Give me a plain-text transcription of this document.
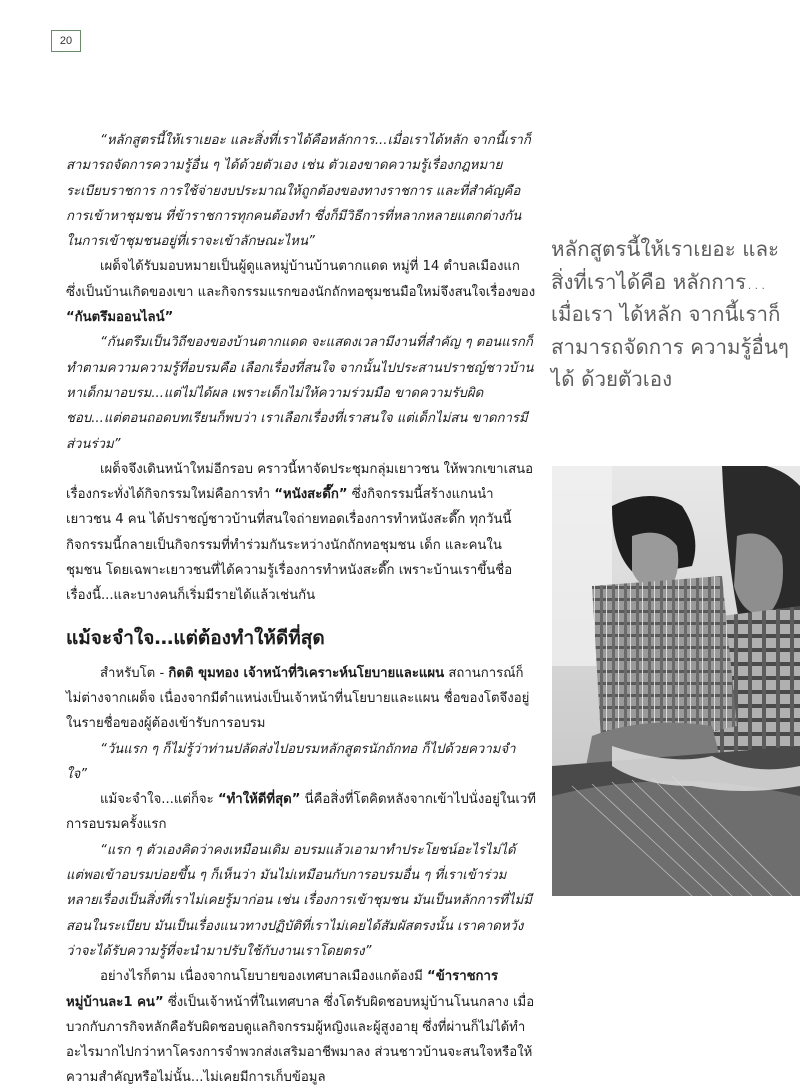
20
หลักสูตรนี้ให้เราเยอะ และสิ่งที่เราได้คือ หลักการ…เมื่อเรา ได้หลัก จากนี้เราก็ สามารถจัดการ ความรู้อื่นๆ ได้ ด้วยตัวเอง

“หลักสูตรนี้ให้เราเยอะ และสิ่งที่เราได้คือหลักการ...เมื่อเราได้หลัก จากนี้เราก็สามารถจัดการความรู้อื่น ๆ ได้ด้วยตัวเอง เช่น ตัวเองขาดความรู้เรื่องกฎหมายระเบียบราชการ การใช้จ่ายงบประมาณให้ถูกต้องของทางราชการ และที่สำคัญคือการเข้าหาชุมชน ที่ข้าราชการทุกคนต้องทำ ซึ่งก็มีวิธีการที่หลากหลายแตกต่างกันในการเข้าชุมชนอยู่ที่เราจะเข้าลักษณะไหน”

เผด็จได้รับมอบหมายเป็นผู้ดูแลหมู่บ้านบ้านตากแดด หมู่ที่ 14 ตำบลเมืองแก ซึ่งเป็นบ้านเกิดของเขา และกิจกรรมแรกของนักถักทอชุมชนมือใหม่จึงสนใจเรื่องของ “กันตรึมออนไลน์”

“กันตรึมเป็นวิถีของของบ้านตากแดด จะแสดงเวลามีงานที่สำคัญ ๆ ตอนแรกก็ทำตามความความรู้ที่อบรมคือ เลือกเรื่องที่สนใจ จากนั้นไปประสานปราชญ์ชาวบ้าน หาเด็กมาอบรม...แต่ไม่ได้ผล เพราะเด็กไม่ให้ความร่วมมือ ขาดความรับผิดชอบ...แต่ตอนถอดบทเรียนก็พบว่า เราเลือกเรื่องที่เราสนใจ แต่เด็กไม่สน ขาดการมีส่วนร่วม”

เผด็จจึงเดินหน้าใหม่อีกรอบ คราวนี้หาจัดประชุมกลุ่มเยาวชน ให้พวกเขาเสนอเรื่องกระทั่งได้กิจกรรมใหม่คือการทำ “หนังสะดึ๊ก” ซึ่งกิจกรรมนี้สร้างแกนนำเยาวชน 4 คน ได้ปราชญ์ชาวบ้านที่สนใจถ่ายทอดเรื่องการทำหนังสะดึ๊ก ทุกวันนี้กิจกรรมนี้กลายเป็นกิจกรรมที่ทำร่วมกันระหว่างนักถักทอชุมชน เด็ก และคนในชุมชน โดยเฉพาะเยาวชนที่ได้ความรู้เรื่องการทำหนังสะดึ๊ก เพราะบ้านเราขึ้นชื่อเรื่องนี้...และบางคนก็เริ่มมีรายได้แล้วเช่นกัน

แม้จะจำใจ…แต่ต้องทำให้ดีที่สุด

สำหรับโต - กิตติ ขุมทอง เจ้าหน้าที่วิเคราะห์นโยบายและแผน สถานการณ์ก็ไม่ต่างจากเผด็จ เนื่องจากมีตำแหน่งเป็นเจ้าหน้าที่นโยบายและแผน ชื่อของโตจึงอยู่ในรายชื่อของผู้ต้องเข้ารับการอบรม

“วันแรก ๆ ก็ไม่รู้ว่าท่านปลัดส่งไปอบรมหลักสูตรนักถักทอ ก็ไปด้วยความจำใจ”

แม้จะจำใจ...แต่ก็จะ “ทำให้ดีที่สุด” นี่คือสิ่งที่โตคิดหลังจากเข้าไปนั่งอยู่ในเวทีการอบรมครั้งแรก

“แรก ๆ ตัวเองคิดว่าคงเหมือนเดิม อบรมแล้วเอามาทำประโยชน์อะไรไม่ได้ แต่พอเข้าอบรมบ่อยขึ้น ๆ ก็เห็นว่า มันไม่เหมือนกับการอบรมอื่น ๆ ที่เราเข้าร่วม หลายเรื่องเป็นสิ่งที่เราไม่เคยรู้มาก่อน เช่น เรื่องการเข้าชุมชน มันเป็นหลักการที่ไม่มีสอนในระเบียบ มันเป็นเรื่องแนวทางปฏิบัติที่เราไม่เคยได้สัมผัสตรงนั้น เราคาดหวังว่าจะได้รับความรู้ที่จะนำมาปรับใช้กับงานเราโดยตรง”

อย่างไรก็ตาม เนื่องจากนโยบายของเทศบาลเมืองแกต้องมี “ข้าราชการหมู่บ้านละ1 คน” ซึ่งเป็นเจ้าหน้าที่ในเทศบาล ซึ่งโตรับผิดชอบหมู่บ้านโนนกลาง เมื่อบวกกับภารกิจหลักคือรับผิดชอบดูแลกิจกรรมผู้หญิงและผู้สูงอายุ ซึ่งที่ผ่านก็ไม่ได้ทำอะไรมากไปกว่าหาโครงการจำพวกส่งเสริมอาชีพมาลง ส่วนชาวบ้านจะสนใจหรือให้ความสำคัญหรือไม่นั้น...ไม่เคยมีการเก็บข้อมูล
